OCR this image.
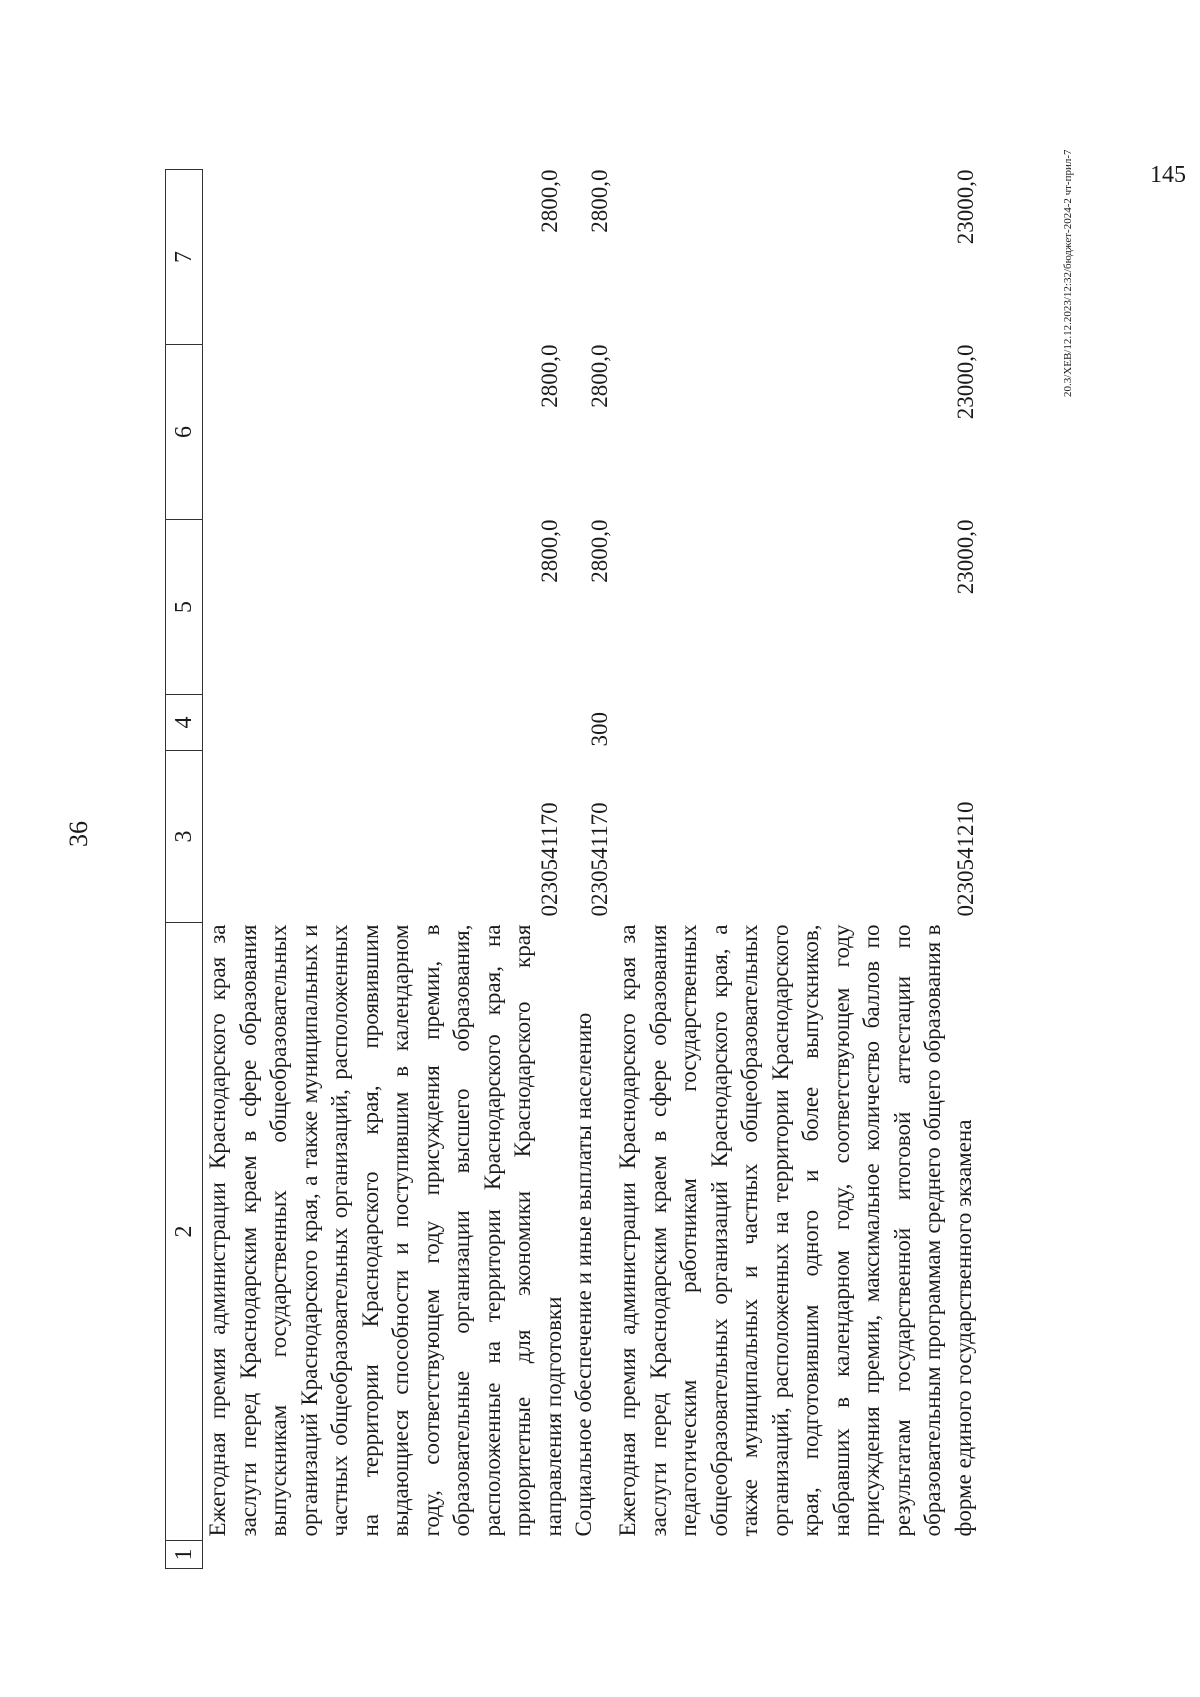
36
1	2	3	4	5	6	7
	Ежегодная премия администрации Краснодарского края за заслуги перед Краснодарским краем в сфере образования выпускникам государственных общеобразовательных организаций Краснодарского края, а также муниципальных и частных общеобразовательных организаций, расположенных на территории Краснодарского края, проявившим выдающиеся способности и поступившим в календарном году, соответствующем году присуждения премии, в образовательные организации высшего образования, расположенные на территории Краснодарского края, на приоритетные для экономики Краснодарского края направления подготовки	0230541170		2800,0	2800,0	2800,0
	Социальное обеспечение и иные выплаты населению	0230541170	300	2800,0	2800,0	2800,0
	Ежегодная премия администрации Краснодарского края за заслуги перед Краснодарским краем в сфере образования педагогическим работникам государственных общеобразовательных организаций Краснодарского края, а также муниципальных и частных общеобразовательных организаций, расположенных на территории Краснодарского края, подготовившим одного и более выпускников, набравших в календарном году, соответствующем году присуждения премии, максимальное количество баллов по результатам государственной итоговой аттестации по образовательным программам среднего общего образования в форме единого государственного экзамена	0230541210		23000,0	23000,0	23000,0	20.3/XEB/12.12.2023/12:32/бюджет-2024-2 чт-прил-7	145
